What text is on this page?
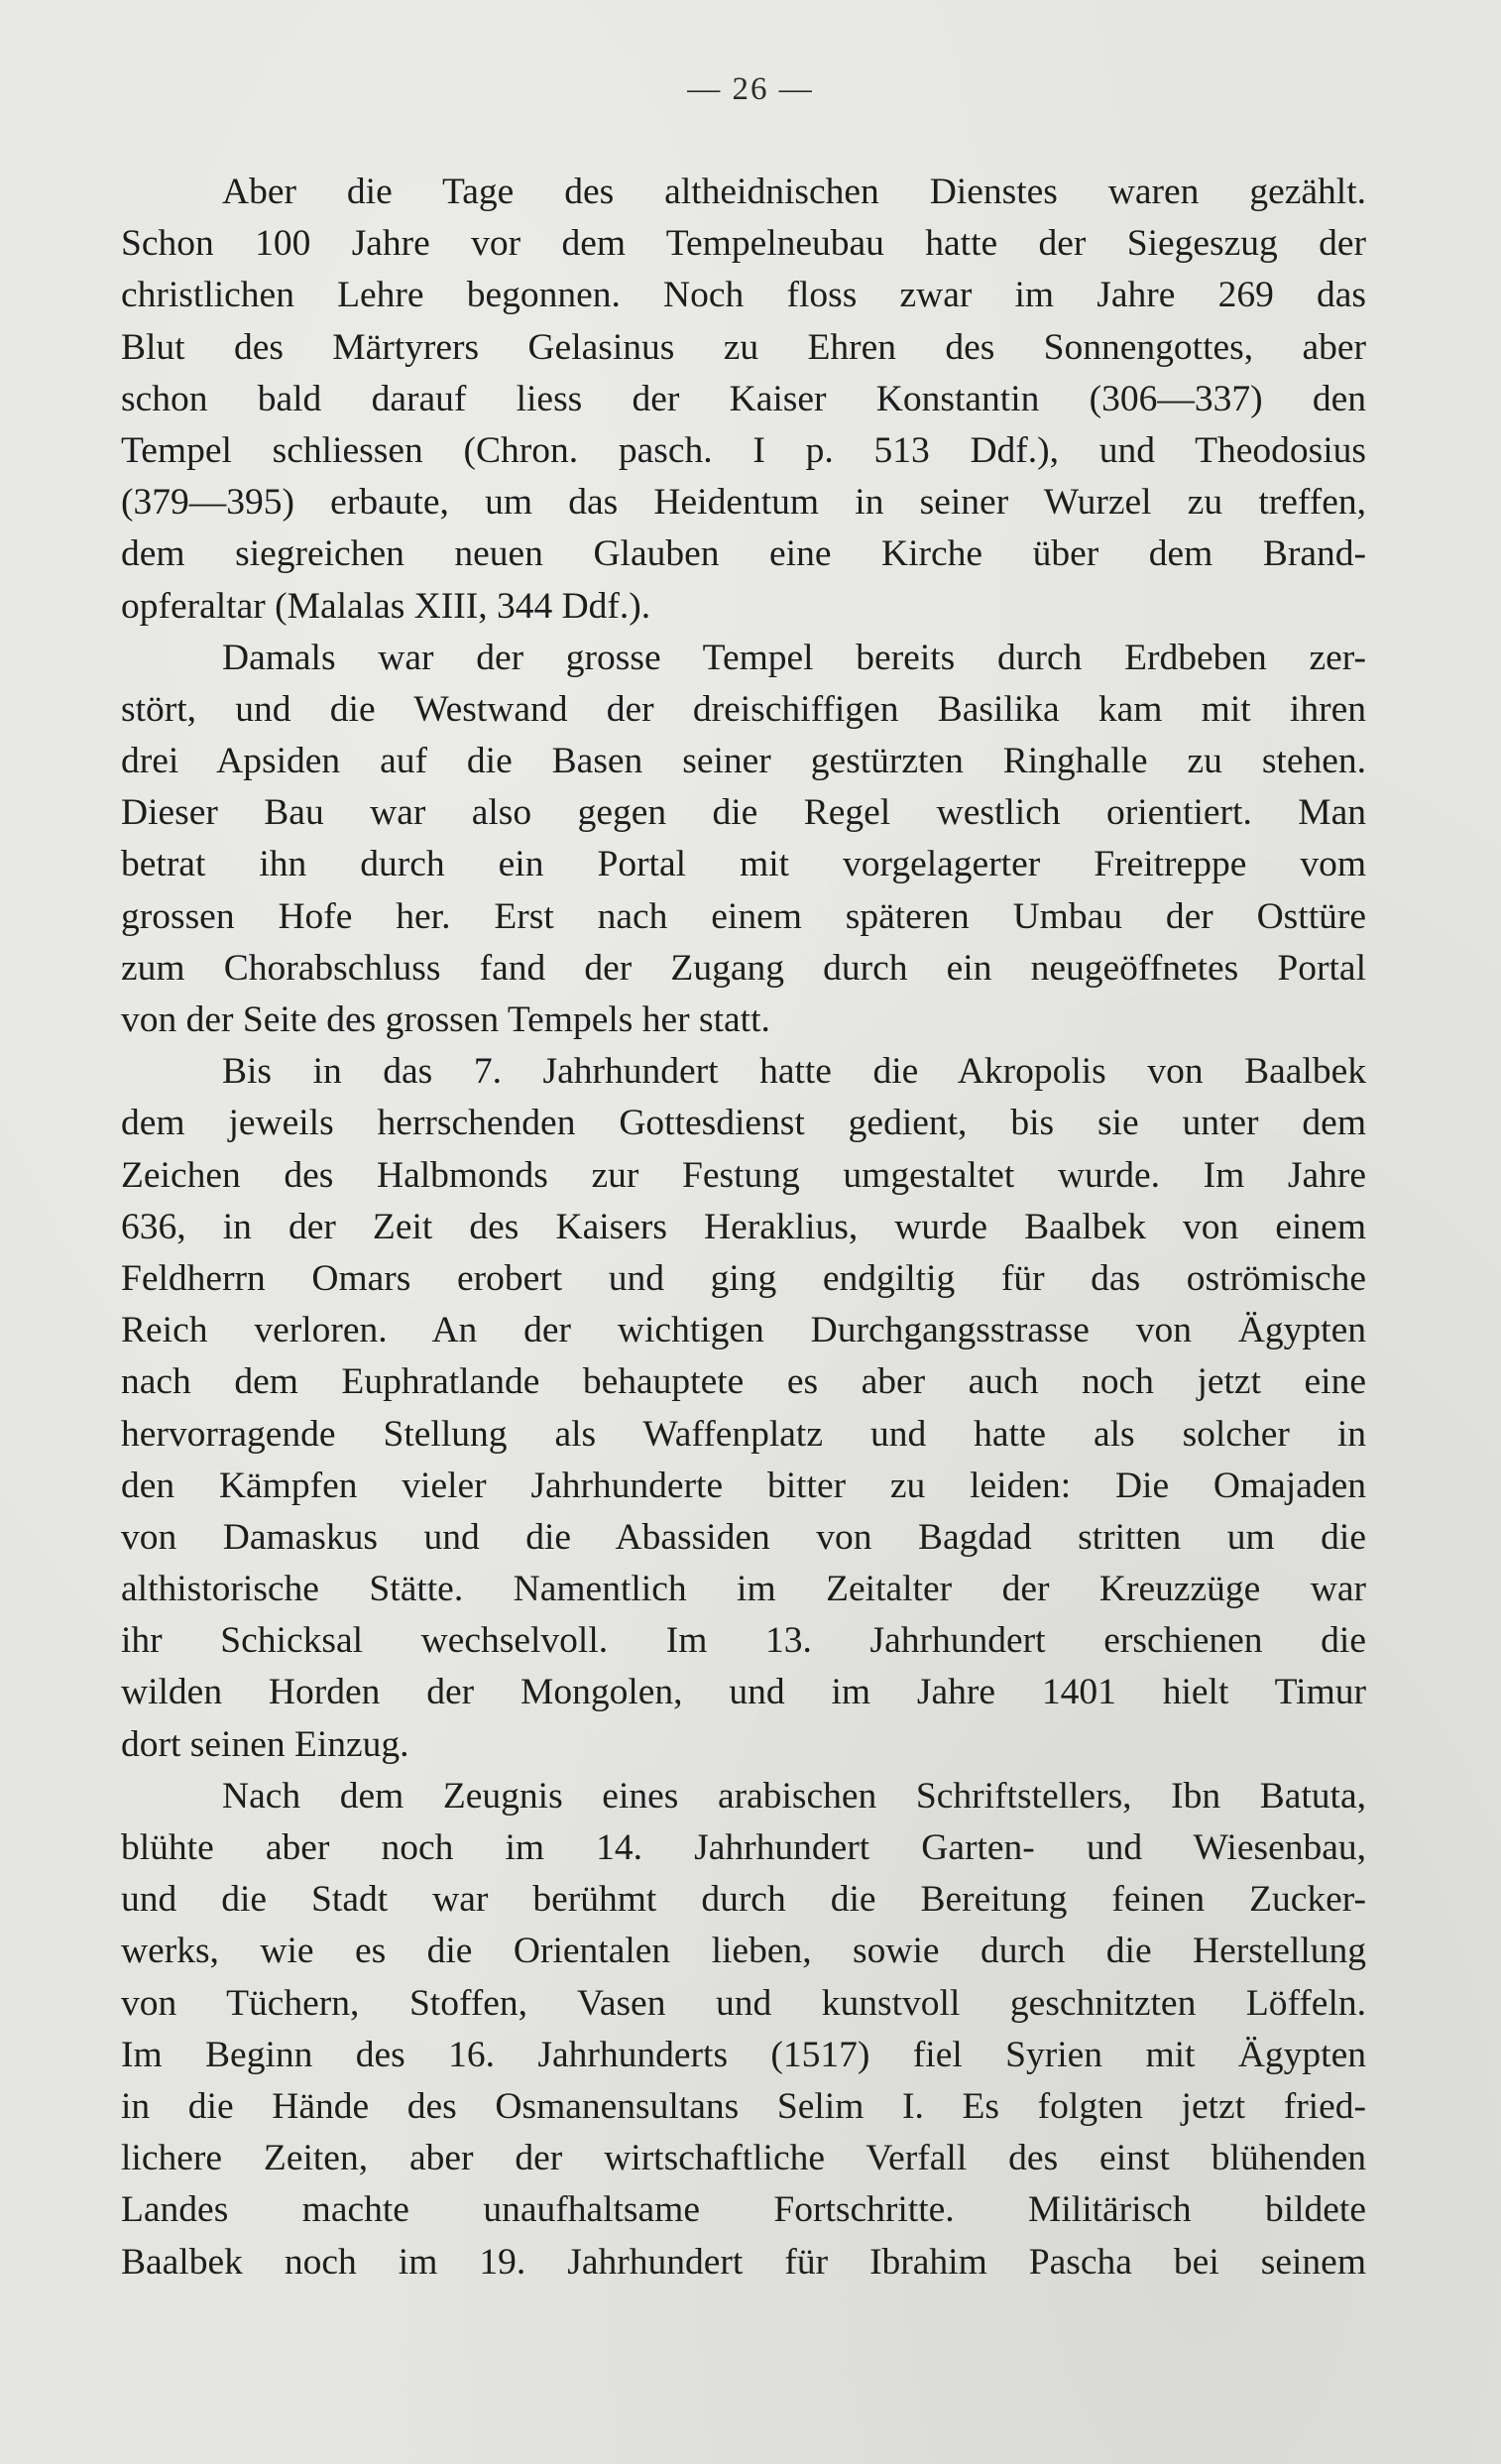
— 26 —
Aber die Tage des altheidnischen Dienstes waren gezählt.
Schon 100 Jahre vor dem Tempelneubau hatte der Siegeszug der
christlichen Lehre begonnen. Noch floss zwar im Jahre 269 das
Blut des Märtyrers Gelasinus zu Ehren des Sonnengottes, aber
schon bald darauf liess der Kaiser Konstantin (306—337) den
Tempel schliessen (Chron. pasch. I p. 513 Ddf.), und Theodosius
(379—395) erbaute, um das Heidentum in seiner Wurzel zu treffen,
dem siegreichen neuen Glauben eine Kirche über dem Brand-
opferaltar (Malalas XIII, 344 Ddf.).
Damals war der grosse Tempel bereits durch Erdbeben zer-
stört, und die Westwand der dreischiffigen Basilika kam mit ihren
drei Apsiden auf die Basen seiner gestürzten Ringhalle zu stehen.
Dieser Bau war also gegen die Regel westlich orientiert. Man
betrat ihn durch ein Portal mit vorgelagerter Freitreppe vom
grossen Hofe her. Erst nach einem späteren Umbau der Osttüre
zum Chorabschluss fand der Zugang durch ein neugeöffnetes Portal
von der Seite des grossen Tempels her statt.
Bis in das 7. Jahrhundert hatte die Akropolis von Baalbek
dem jeweils herrschenden Gottesdienst gedient, bis sie unter dem
Zeichen des Halbmonds zur Festung umgestaltet wurde. Im Jahre
636, in der Zeit des Kaisers Heraklius, wurde Baalbek von einem
Feldherrn Omars erobert und ging endgiltig für das oströmische
Reich verloren. An der wichtigen Durchgangsstrasse von Ägypten
nach dem Euphratlande behauptete es aber auch noch jetzt eine
hervorragende Stellung als Waffenplatz und hatte als solcher in
den Kämpfen vieler Jahrhunderte bitter zu leiden: Die Omajaden
von Damaskus und die Abassiden von Bagdad stritten um die
althistorische Stätte. Namentlich im Zeitalter der Kreuzzüge war
ihr Schicksal wechselvoll. Im 13. Jahrhundert erschienen die
wilden Horden der Mongolen, und im Jahre 1401 hielt Timur
dort seinen Einzug.
Nach dem Zeugnis eines arabischen Schriftstellers, Ibn Batuta,
blühte aber noch im 14. Jahrhundert Garten- und Wiesenbau,
und die Stadt war berühmt durch die Bereitung feinen Zucker-
werks, wie es die Orientalen lieben, sowie durch die Herstellung
von Tüchern, Stoffen, Vasen und kunstvoll geschnitzten Löffeln.
Im Beginn des 16. Jahrhunderts (1517) fiel Syrien mit Ägypten
in die Hände des Osmanensultans Selim I. Es folgten jetzt fried-
lichere Zeiten, aber der wirtschaftliche Verfall des einst blühenden
Landes machte unaufhaltsame Fortschritte. Militärisch bildete
Baalbek noch im 19. Jahrhundert für Ibrahim Pascha bei seinem
